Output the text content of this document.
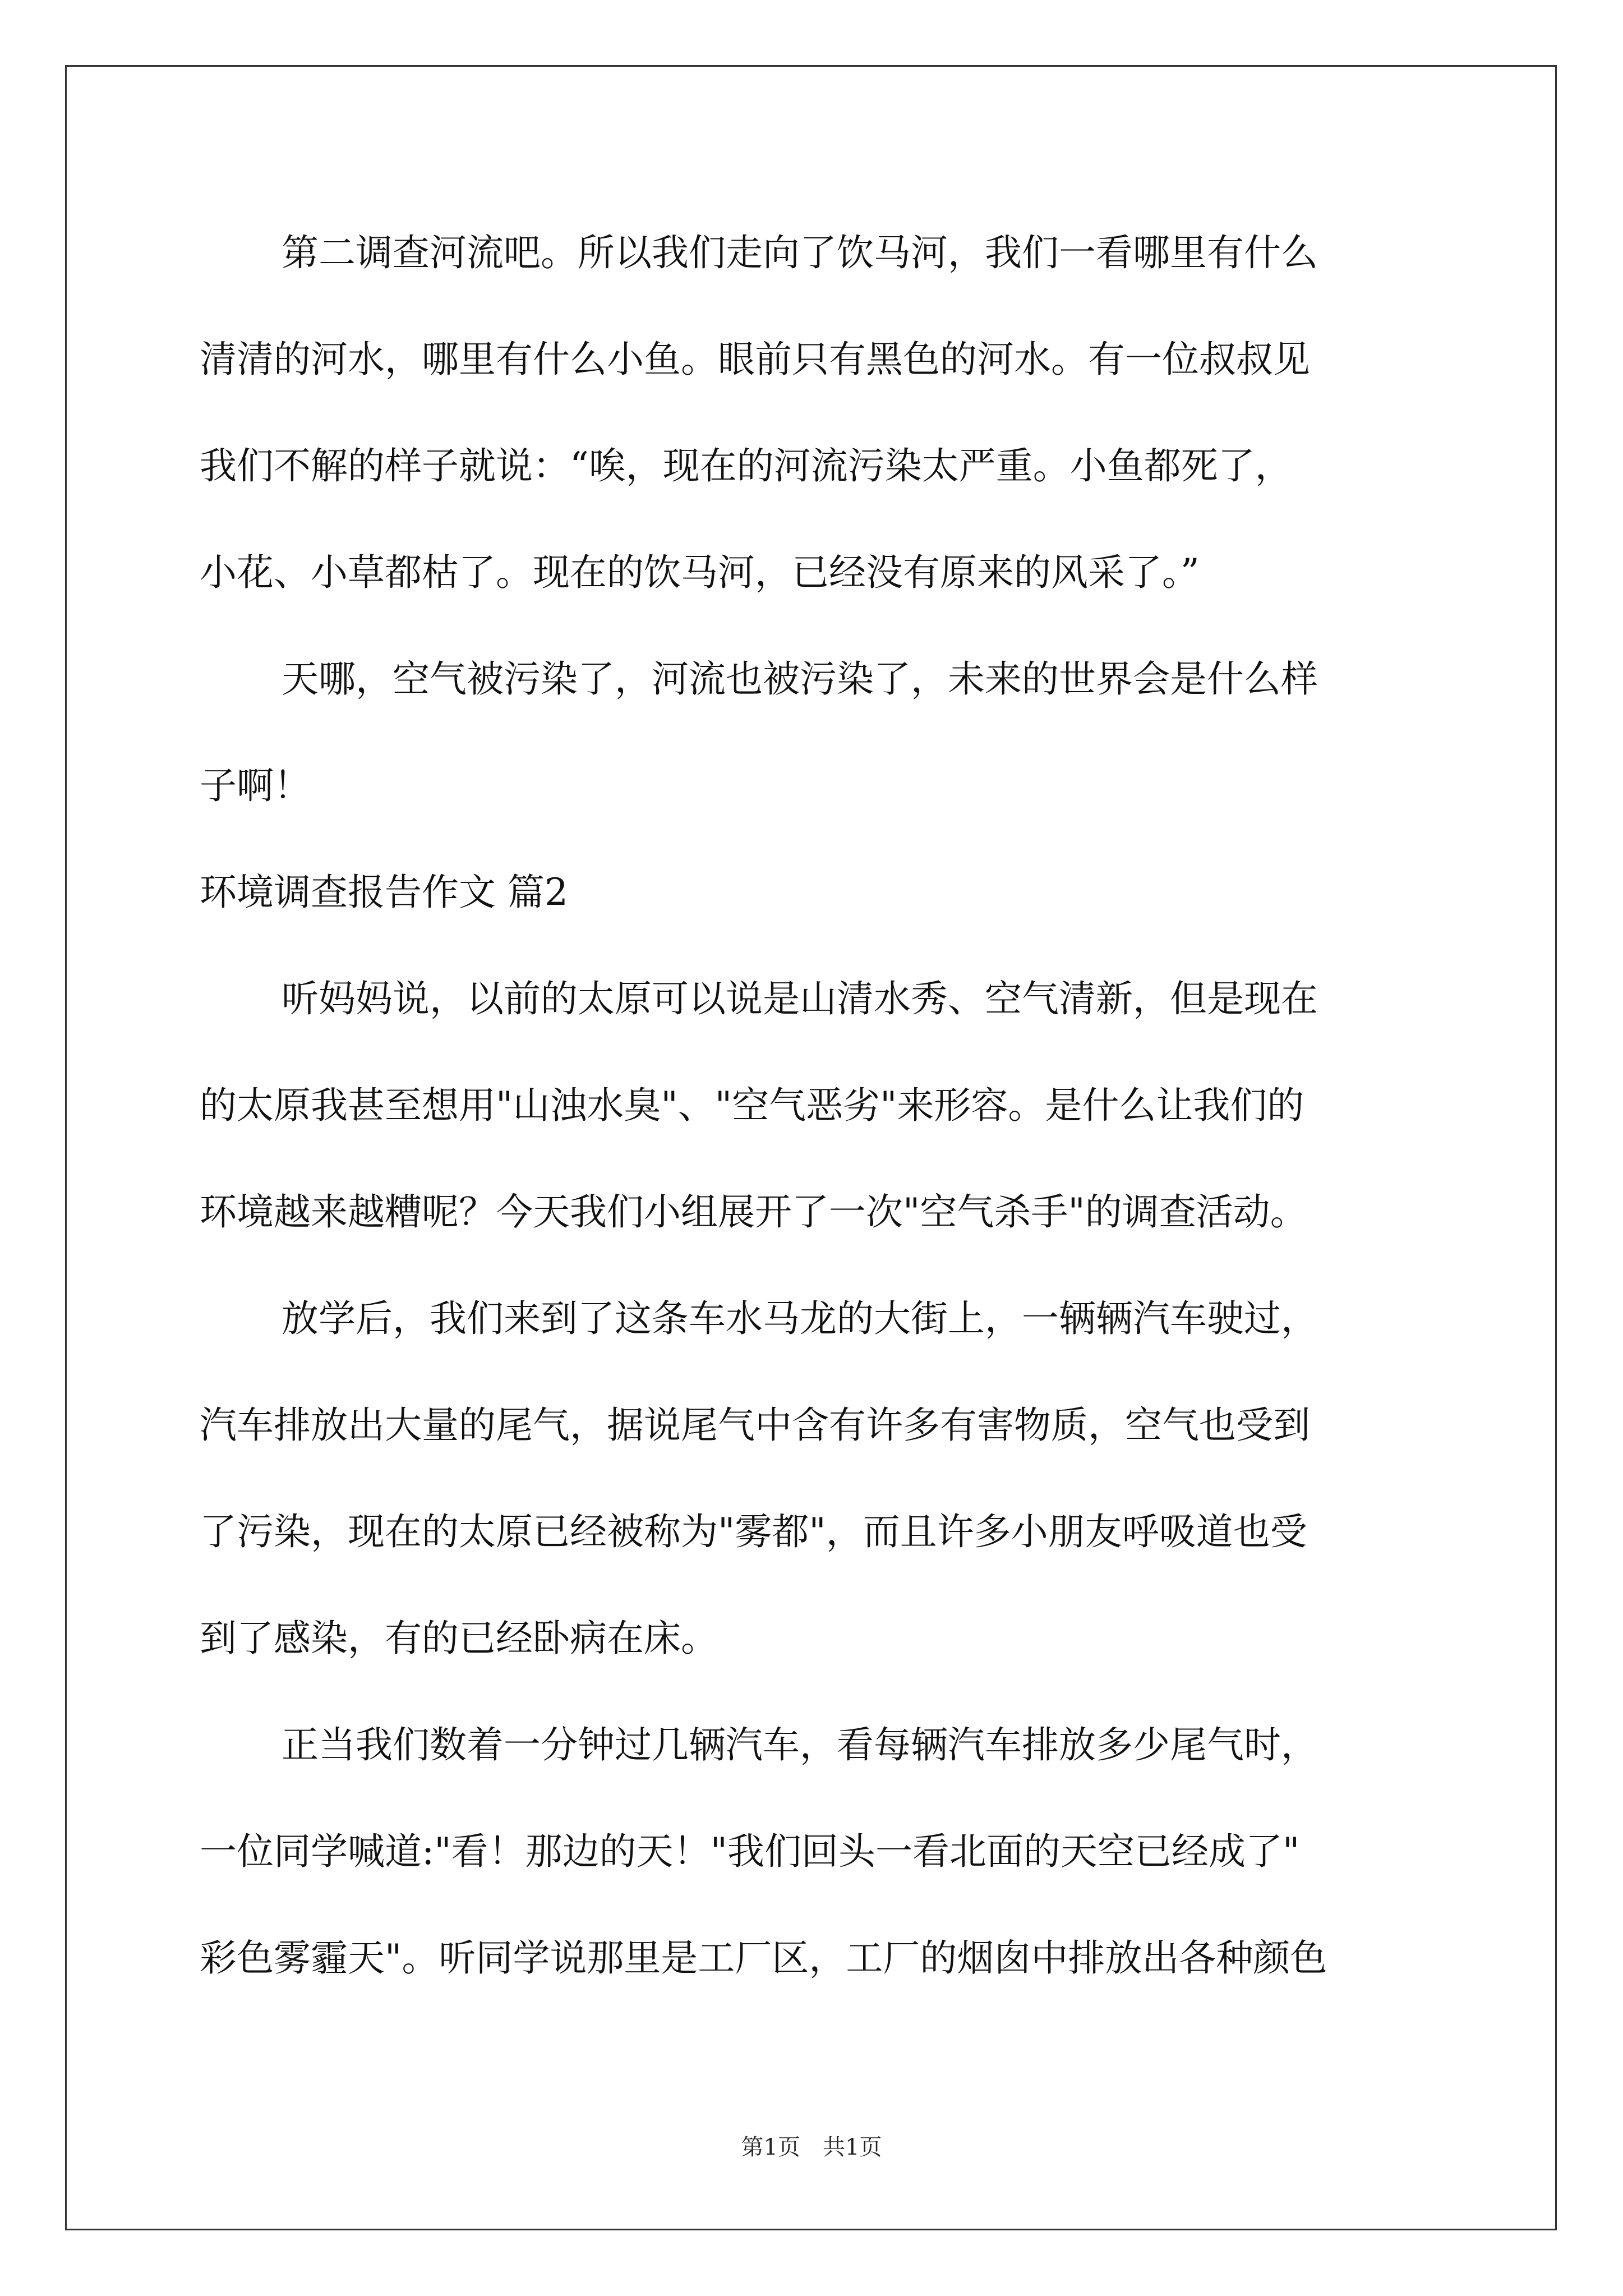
第二调查河流吧。所以我们走向了饮马河，我们一看哪里有什么
清清的河水，哪里有什么小鱼。眼前只有黑色的河水。有一位叔叔见
我们不解的样子就说：“唉，现在的河流污染太严重。小鱼都死了，
小花、小草都枯了。现在的饮马河，已经没有原来的风采了。”
天哪，空气被污染了，河流也被污染了，未来的世界会是什么样
子啊！
环境调查报告作文 篇2
听妈妈说，以前的太原可以说是山清水秀、空气清新，但是现在
的太原我甚至想用"山浊水臭"、"空气恶劣"来形容。是什么让我们的
环境越来越糟呢？今天我们小组展开了一次"空气杀手"的调查活动。
放学后，我们来到了这条车水马龙的大街上，一辆辆汽车驶过，
汽车排放出大量的尾气，据说尾气中含有许多有害物质，空气也受到
了污染，现在的太原已经被称为"雾都"，而且许多小朋友呼吸道也受
到了感染，有的已经卧病在床。
正当我们数着一分钟过几辆汽车，看每辆汽车排放多少尾气时，
一位同学喊道:"看！那边的天！"我们回头一看北面的天空已经成了"
彩色雾霾天"。听同学说那里是工厂区，工厂的烟囱中排放出各种颜色
第1页　共1页
